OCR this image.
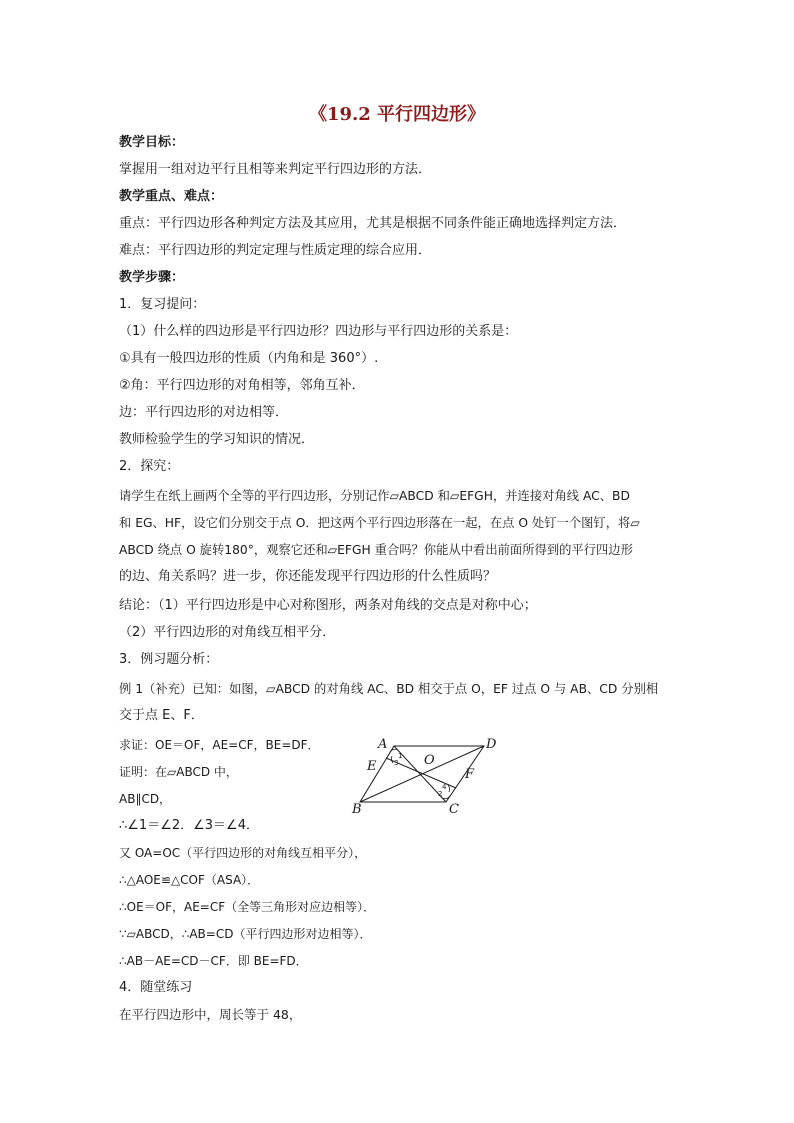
《19.2 平行四边形》
教学目标：
掌握用一组对边平行且相等来判定平行四边形的方法．
教学重点、难点：
重点：平行四边形各种判定方法及其应用，尤其是根据不同条件能正确地选择判定方法．
难点：平行四边形的判定定理与性质定理的综合应用．
教学步骤：
1．复习提问：
（1）什么样的四边形是平行四边形？四边形与平行四边形的关系是：
①具有一般四边形的性质（内角和是 360°）.
②角：平行四边形的对角相等，邻角互补．
边：平行四边形的对边相等．
教师检验学生的学习知识的情况．
2．探究：
请学生在纸上画两个全等的平行四边形，分别记作▱ABCD 和▱EFGH，并连接对角线 AC、BD
和 EG、HF，设它们分别交于点 O．把这两个平行四边形落在一起，在点 O 处钉一个图钉，将▱
ABCD 绕点 O 旋转180°，观察它还和▱EFGH 重合吗？你能从中看出前面所得到的平行四边形
的边、角关系吗？进一步，你还能发现平行四边形的什么性质吗？
结论：（1）平行四边形是中心对称图形，两条对角线的交点是对称中心；
（2）平行四边形的对角线互相平分．
3．例习题分析：
例 1（补充）已知：如图，▱ABCD 的对角线 AC、BD 相交于点 O，EF 过点 O 与 AB、CD 分别相
交于点 E、F．
求证：OE＝OF，AE=CF，BE=DF．
证明：在▱ABCD 中，
AB∥CD，
∴∠1＝∠2．∠3＝∠4．
又 OA=OC（平行四边形的对角线互相平分），
∴△AOE≌△COF（ASA）．
∴OE＝OF，AE=CF（全等三角形对应边相等）．
∵▱ABCD，∴AB=CD（平行四边形对边相等）．
∴AB－AE=CD－CF．即 BE=FD．
4．随堂练习
在平行四边形中，周长等于 48，
A	D
B	C
E
F
O
1
3
2
4
